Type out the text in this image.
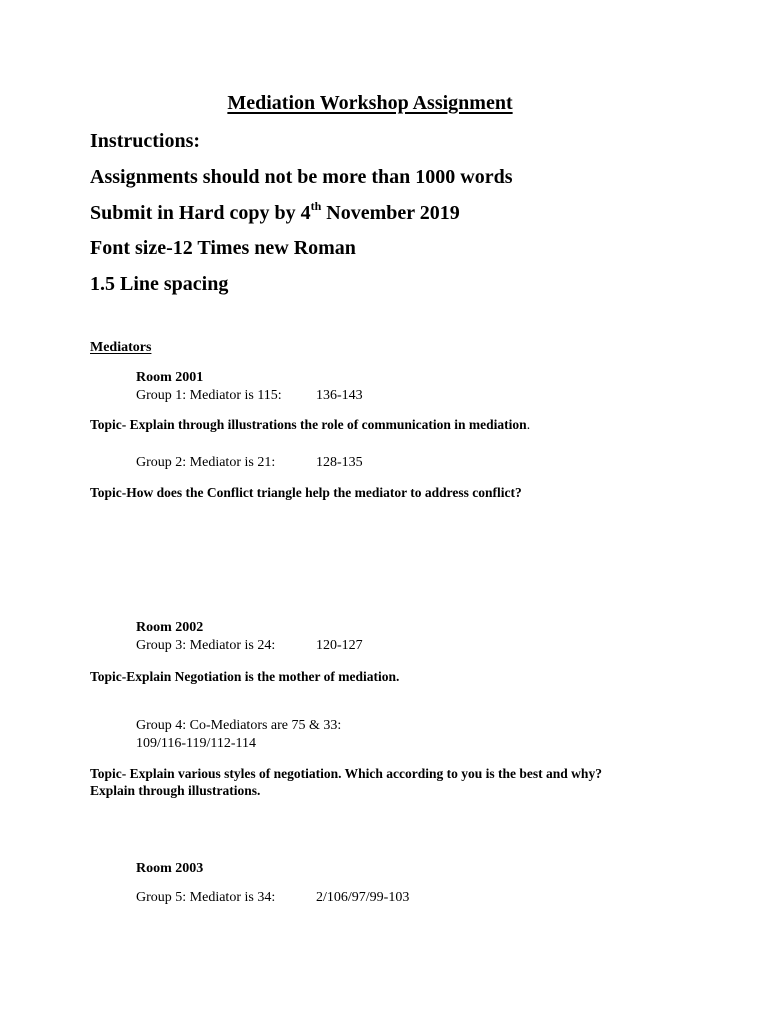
Mediation Workshop Assignment
Instructions:
Assignments should not be more than 1000 words
Submit in Hard copy by 4th November 2019
Font size-12 Times new Roman
1.5 Line spacing
Mediators
Room 2001
Group 1: Mediator is 115: 136-143
Topic- Explain through illustrations the role of communication in mediation.
Group 2: Mediator is 21:	128-135
Topic-How does the Conflict triangle help the mediator to address conflict?
Room 2002
Group 3: Mediator is 24:	120-127
Topic-Explain Negotiation is the mother of mediation.
Group 4: Co-Mediators are 75 & 33:
109/116-119/112-114
Topic- Explain various styles of negotiation. Which according to you is the best and why?
Explain through illustrations.
Room 2003
Group 5: Mediator is 34:	2/106/97/99-103
